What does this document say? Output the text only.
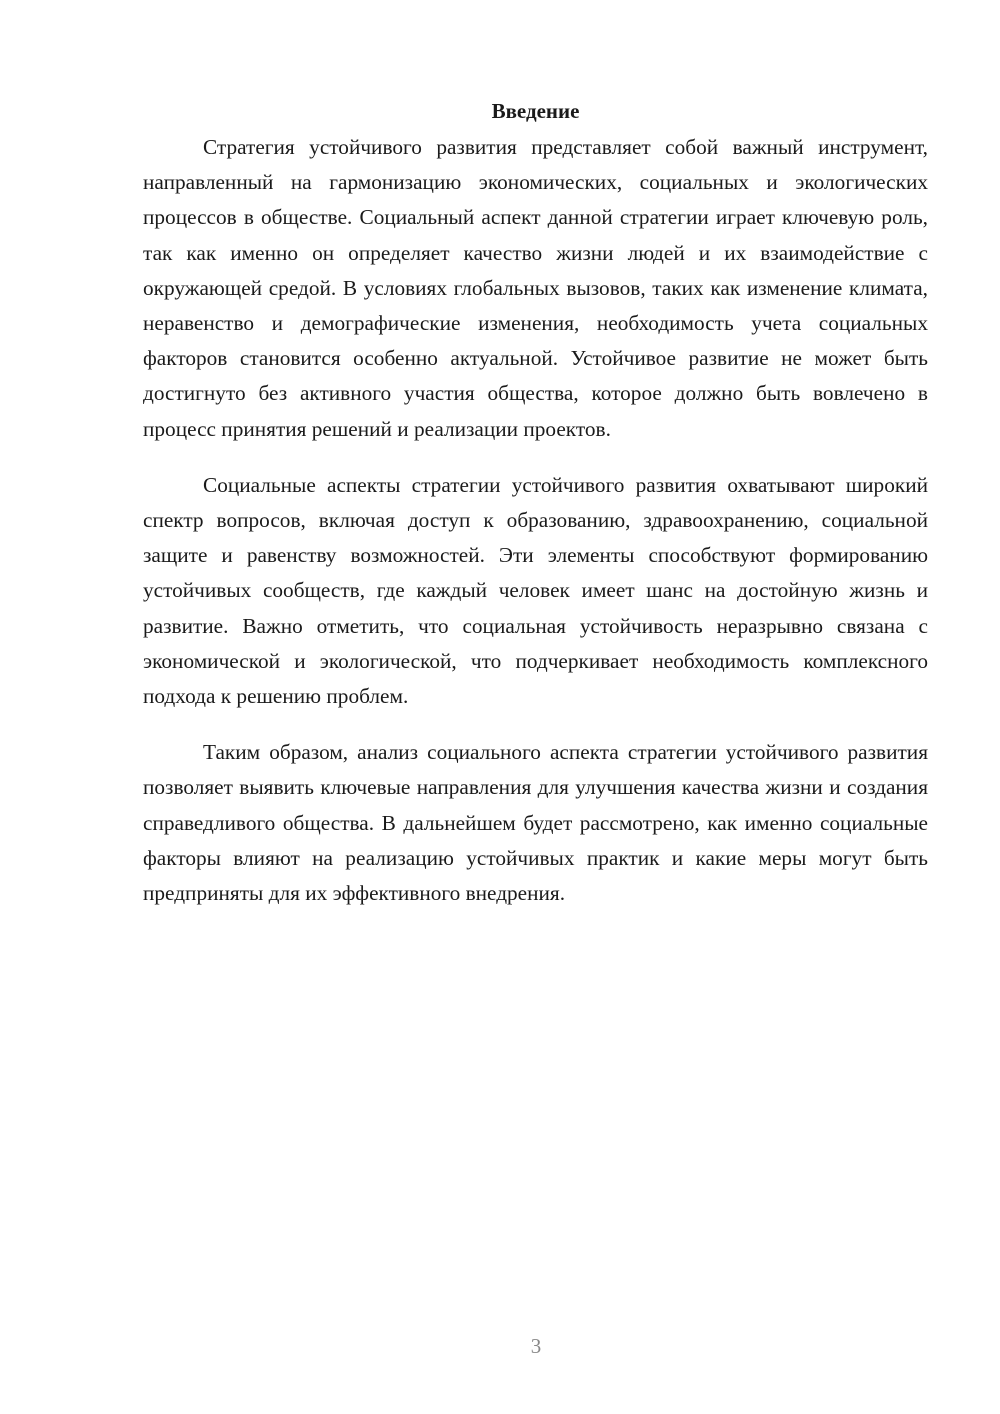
Введение

Стратегия устойчивого развития представляет собой важный инструмент, направленный на гармонизацию экономических, социальных и экологических процессов в обществе. Социальный аспект данной стратегии играет ключевую роль, так как именно он определяет качество жизни людей и их взаимодействие с окружающей средой. В условиях глобальных вызовов, таких как изменение климата, неравенство и демографические изменения, необходимость учета социальных факторов становится особенно актуальной. Устойчивое развитие не может быть достигнуто без активного участия общества, которое должно быть вовлечено в процесс принятия решений и реализации проектов.

Социальные аспекты стратегии устойчивого развития охватывают широкий спектр вопросов, включая доступ к образованию, здравоохранению, социальной защите и равенству возможностей. Эти элементы способствуют формированию устойчивых сообществ, где каждый человек имеет шанс на достойную жизнь и развитие. Важно отметить, что социальная устойчивость неразрывно связана с экономической и экологической, что подчеркивает необходимость комплексного подхода к решению проблем.

Таким образом, анализ социального аспекта стратегии устойчивого развития позволяет выявить ключевые направления для улучшения качества жизни и создания справедливого общества. В дальнейшем будет рассмотрено, как именно социальные факторы влияют на реализацию устойчивых практик и какие меры могут быть предприняты для их эффективного внедрения.

3
